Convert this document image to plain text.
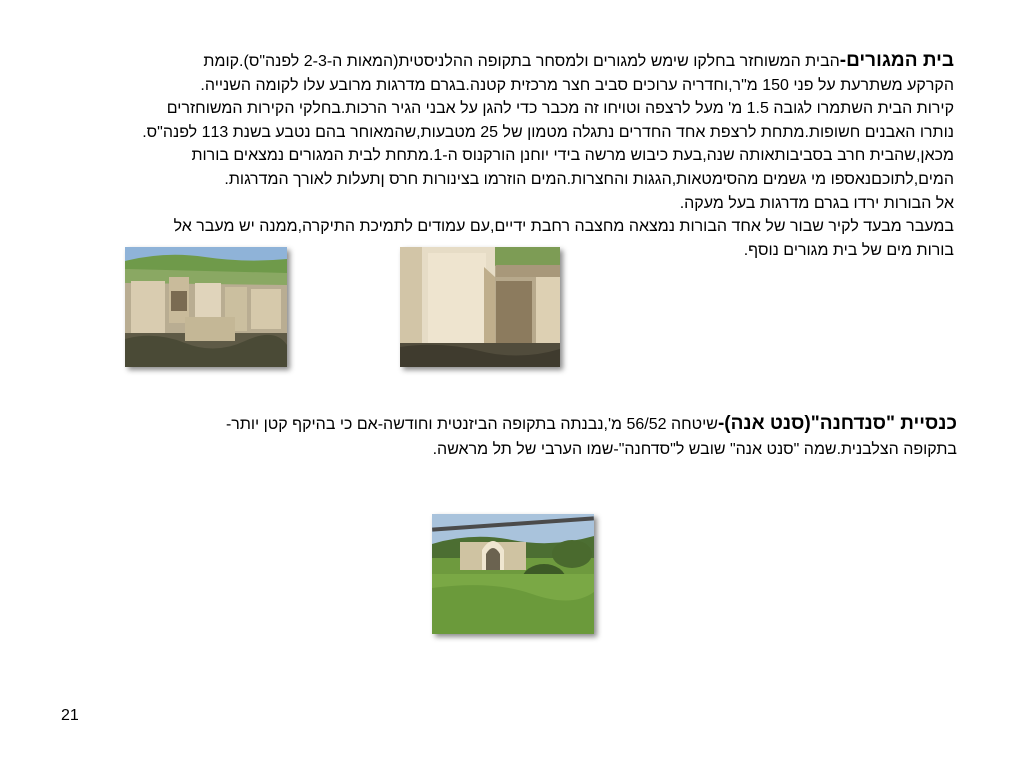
בית המגורים-הבית המשוחזר בחלקו שימש למגורים ולמסחר בתקופה ההלניסטית(המאות ה-2-3 לפנה"ס).קומת
הקרקע משתרעת על פני 150 מ"ר,וחדריה ערוכים סביב חצר מרכזית קטנה.בגרם מדרגות מרובע עלו לקומה השנייה.
קירות הבית השתמרו לגובה 1.5 מ' מעל לרצפה וטויחו זה מכבר כדי להגן על אבני הגיר הרכות.בחלקי הקירות המשוחזרים
נותרו האבנים חשופות.מתחת לרצפת אחד החדרים נתגלה מטמון של 25 מטבעות,שהמאוחר בהם נטבע בשנת 113 לפנה"ס.
מכאן,שהבית חרב בסביבותאותה שנה,בעת כיבוש מרשה בידי יוחנן הורקנוס ה-1.מתחת לבית המגורים נמצאים בורות
המים,לתוכםנאספו מי גשמים מהסימטאות,הגגות והחצרות.המים הוזרמו בצינורות חרס ןתעלות לאורך המדרגות.
אל הבורות ירדו בגרם מדרגות בעל מעקה.
במעבר מבעד לקיר שבור של אחד הבורות נמצאה מחצבה רחבת ידיים,עם עמודים לתמיכת התיקרה,ממנה יש מעבר אל
בורות מים של בית מגורים נוסף.
כנסיית "סנדחנה"(סנט אנה)-שיטחה 56/52 מ',נבנתה בתקופה הביזנטית וחודשה-אם כי בהיקף קטן יותר-
בתקופה הצלבנית.שמה "סנט אנה" שובש ל"סדחנה"-שמו הערבי של תל מראשה.
21
